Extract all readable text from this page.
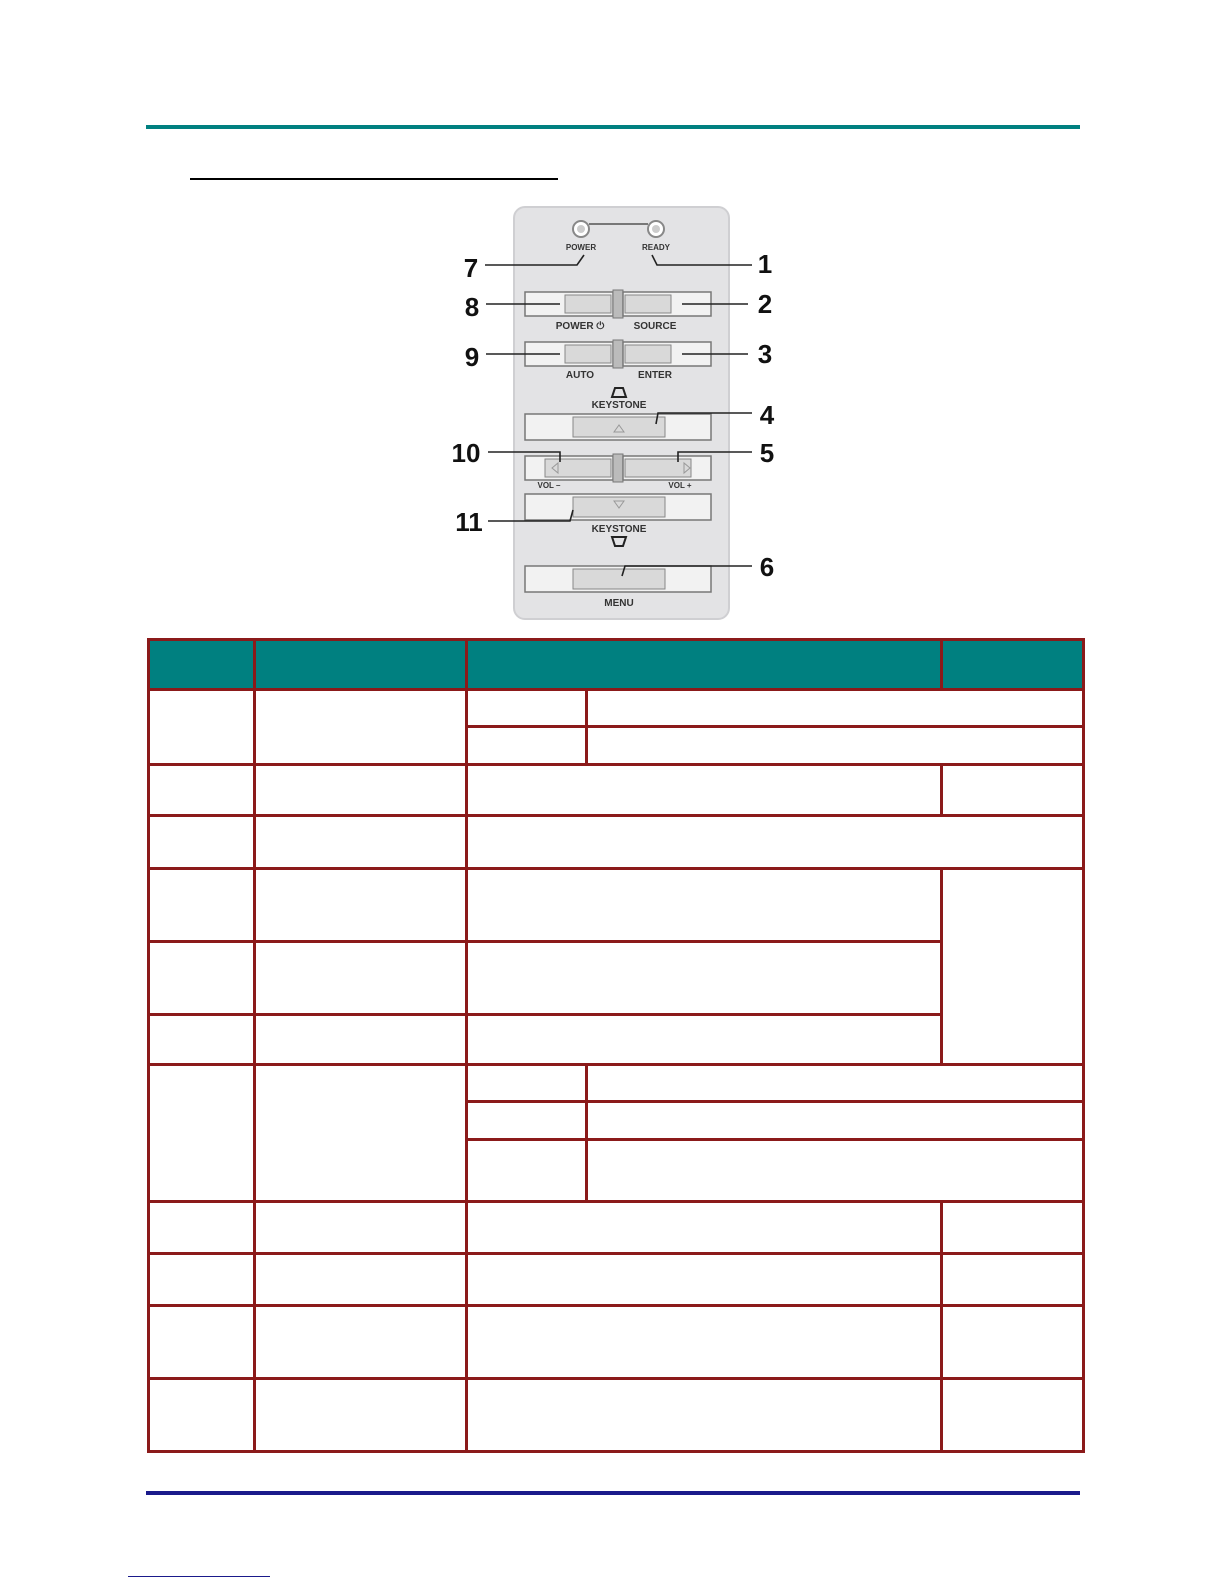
POWER	READY
POWER ⏻	SOURCE
AUTO	ENTER
KEYSTONE
VOL –	VOL +
KEYSTONE
MENU
7	1
8	2
9	3
4
10	5
11
6
